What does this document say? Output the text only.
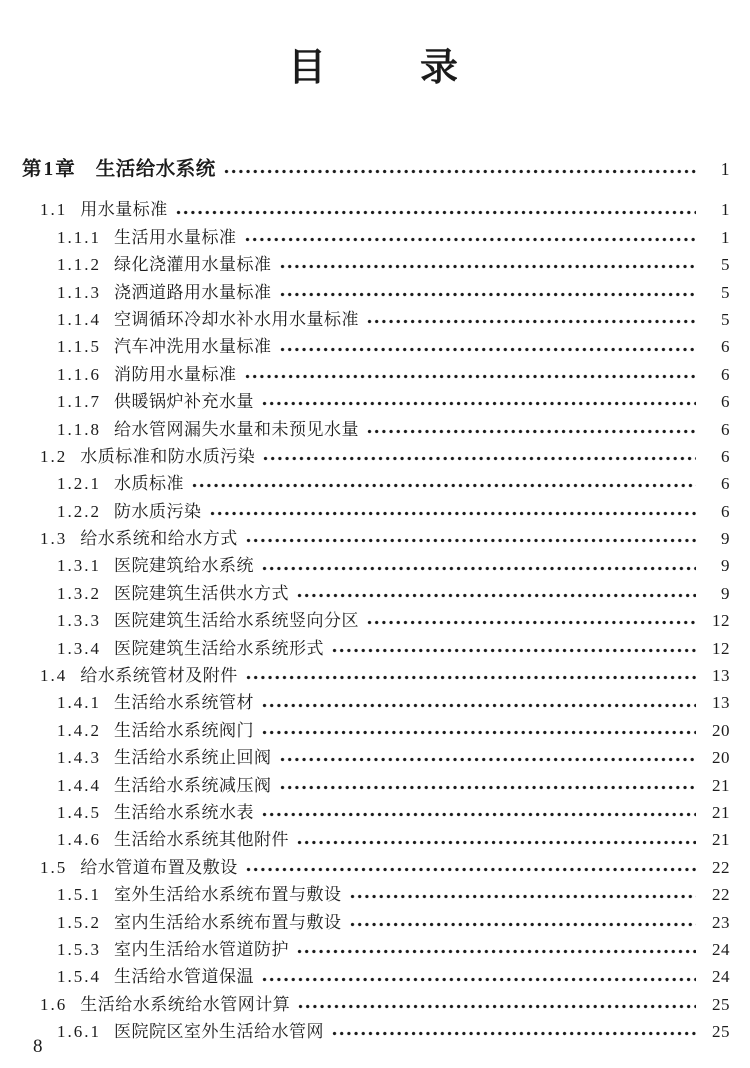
目　　录
第1章 生活给水系统	1
1.1 用水量标准	1
1.1.1 生活用水量标准	1
1.1.2 绿化浇灌用水量标准	5
1.1.3 浇洒道路用水量标准	5
1.1.4 空调循环冷却水补水用水量标准	5
1.1.5 汽车冲洗用水量标准	6
1.1.6 消防用水量标准	6
1.1.7 供暖锅炉补充水量	6
1.1.8 给水管网漏失水量和未预见水量	6
1.2 水质标准和防水质污染	6
1.2.1 水质标准	6
1.2.2 防水质污染	6
1.3 给水系统和给水方式	9
1.3.1 医院建筑给水系统	9
1.3.2 医院建筑生活供水方式	9
1.3.3 医院建筑生活给水系统竖向分区	12
1.3.4 医院建筑生活给水系统形式	12
1.4 给水系统管材及附件	13
1.4.1 生活给水系统管材	13
1.4.2 生活给水系统阀门	20
1.4.3 生活给水系统止回阀	20
1.4.4 生活给水系统减压阀	21
1.4.5 生活给水系统水表	21
1.4.6 生活给水系统其他附件	21
1.5 给水管道布置及敷设	22
1.5.1 室外生活给水系统布置与敷设	22
1.5.2 室内生活给水系统布置与敷设	23
1.5.3 室内生活给水管道防护	24
1.5.4 生活给水管道保温	24
1.6 生活给水系统给水管网计算	25
1.6.1 医院院区室外生活给水管网	25
8
